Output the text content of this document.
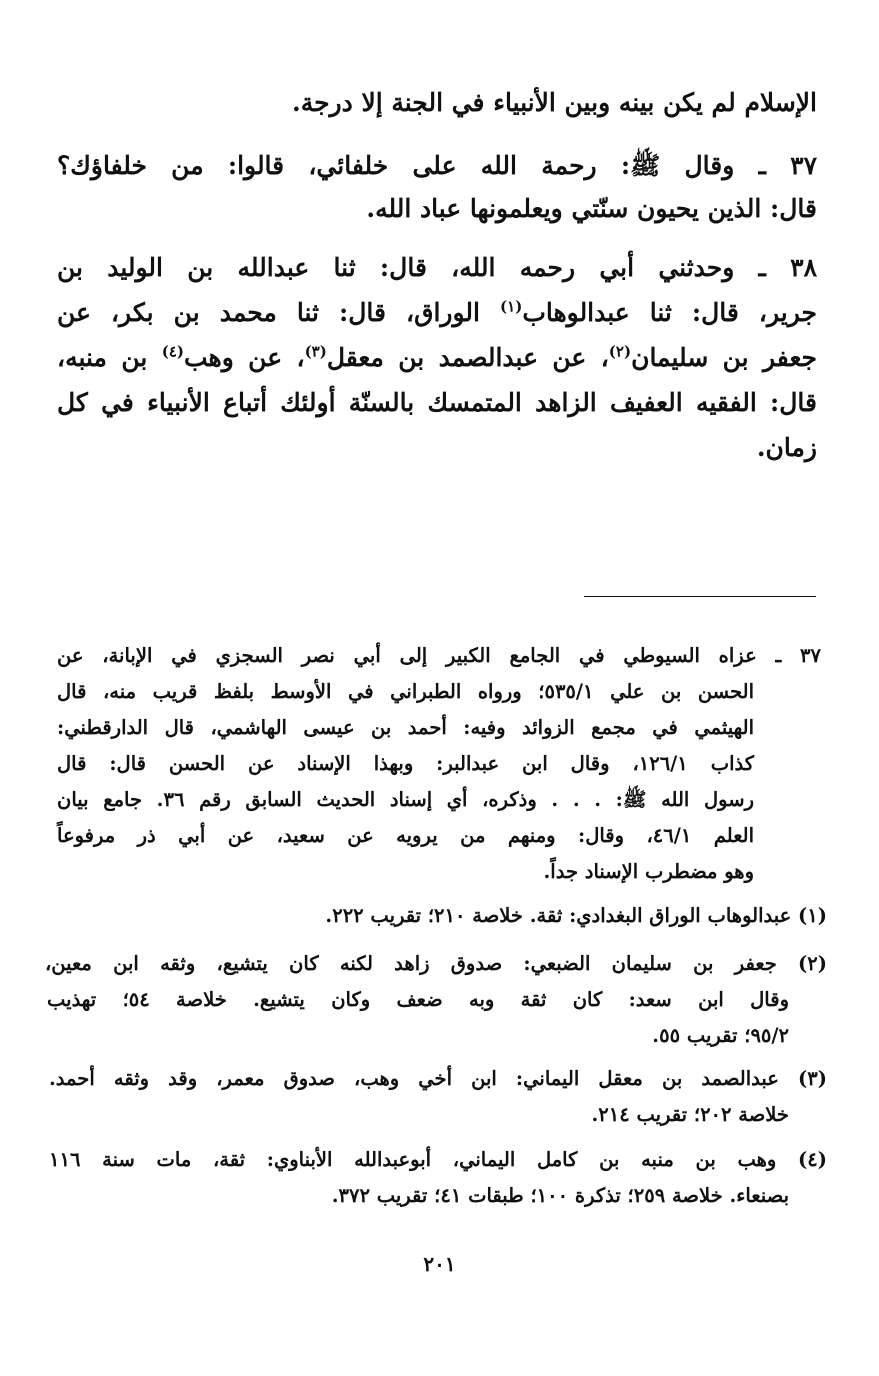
الإسلام لم يكن بينه وبين الأنبياء في الجنة إلا درجة.
٣٧ ـ وقال ﷺ: رحمة الله على خلفائي، قالوا: من خلفاؤك؟
قال: الذين يحيون سنّتي ويعلمونها عباد الله.
٣٨ ـ وحدثني أبي رحمه الله، قال: ثنا عبدالله بن الوليد بن
جرير، قال: ثنا عبدالوهاب$^{(١)}$ الوراق، قال: ثنا محمد بن بكر، عن
جعفر بن سليمان$^{(٢)}$، عن عبدالصمد بن معقل$^{(٣)}$، عن وهب$^{(٤)}$ بن منبه،
قال: الفقيه العفيف الزاهد المتمسك بالسنّة أولئك أتباع الأنبياء في كل
زمان.
٣٧ ـ عزاه السيوطي في الجامع الكبير إلى أبي نصر السجزي في الإبانة، عن
الحسن بن علي ٥٣٥/١؛ ورواه الطبراني في الأوسط بلفظ قريب منه، قال
الهيثمي في مجمع الزوائد وفيه: أحمد بن عيسى الهاشمي، قال الدارقطني:
كذاب ١٢٦/١، وقال ابن عبدالبر: وبهذا الإسناد عن الحسن قال: قال
رسول الله ﷺ: . . . وذكره، أي إسناد الحديث السابق رقم ٣٦. جامع بيان
العلم ٤٦/١، وقال: ومنهم من يرويه عن سعيد، عن أبي ذر مرفوعاً
وهو مضطرب الإسناد جداً.
(١) عبدالوهاب الوراق البغدادي: ثقة. خلاصة ٢١٠؛ تقريب ٢٢٢.
(٢) جعفر بن سليمان الضبعي: صدوق زاهد لكنه كان يتشيع، وثقه ابن معين،
وقال ابن سعد: كان ثقة وبه ضعف وكان يتشيع. خلاصة ٥٤؛ تهذيب
٩٥/٢؛ تقريب ٥٥.
(٣) عبدالصمد بن معقل اليماني: ابن أخي وهب، صدوق معمر، وقد وثقه أحمد.
خلاصة ٢٠٢؛ تقريب ٢١٤.
(٤) وهب بن منبه بن كامل اليماني، أبوعبدالله الأبناوي: ثقة، مات سنة ١١٦
بصنعاء. خلاصة ٢٥٩؛ تذكرة ١٠٠؛ طبقات ٤١؛ تقريب ٣٧٢.
٢٠١
